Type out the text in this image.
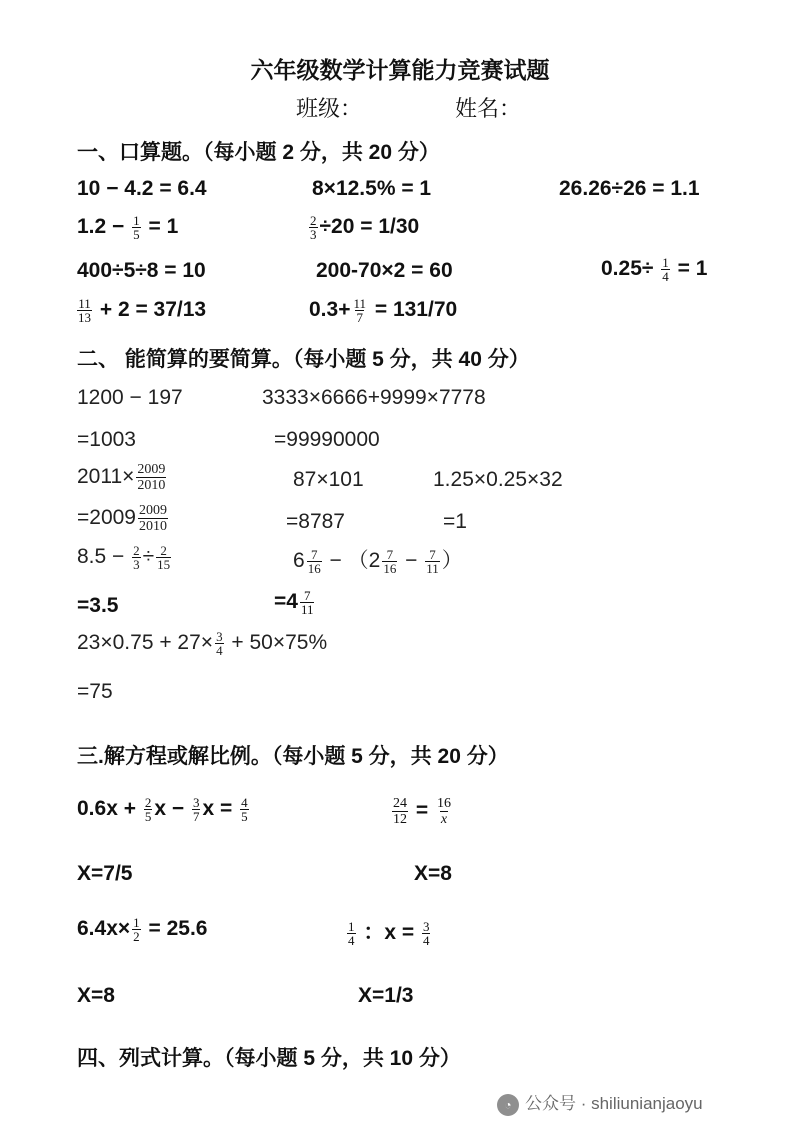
六年级数学计算能力竞赛试题
班级：	姓名：
一、口算题。（每小题 2 分，共 20 分）
10 − 4.2 = 6.4	8×12.5% = 1	26.26÷26 = 1.1
$1.2 - \frac{1}{5} = 1$	$\frac{2}{3} \div 20 = 1/30$
400÷5÷8 = 10	200-70×2 = 60	$0.25\div \frac{1}{4} = 1$
$\frac{11}{13} + 2 = 37/13$	$0.3+ \frac{11}{7} = 131/70$
二、 能简算的要简算。（每小题 5 分，共 40 分）
1200 − 197	3333×6666+9999×7778
=1003	=99990000
$2011\times \frac{2009}{2010}$	87×101	1.25×0.25×32
$=2009 \frac{2009}{2010}$	=8787	=1
$8.5 - \frac{2}{3} \div \frac{2}{15}$	$6 \frac{7}{16} - (2 \frac{7}{16} - \frac{7}{11}$ ）
=3.5	$=4 \frac{7}{11}$
$23\times 0.75 + 27\times \frac{3}{4} + 50\times 75\%$
=75
三.解方程或解比例。（每小题 5 分，共 20 分）
$0.6x + \frac{2}{5}$ $x - \frac{3}{7}$ $x = \frac{4}{5}$	$\frac{24}{12} = \frac{16}{x}$
X=7/5	X=8
$6.4x\times \frac{1}{2} = 25.6$	$\frac{1}{4}$ ：$x = \frac{3}{4}$
X=8	X=1/3
四、列式计算。（每小题 5 分，共 10 分）
◔ 公众号 · shiliunianjaoyu
